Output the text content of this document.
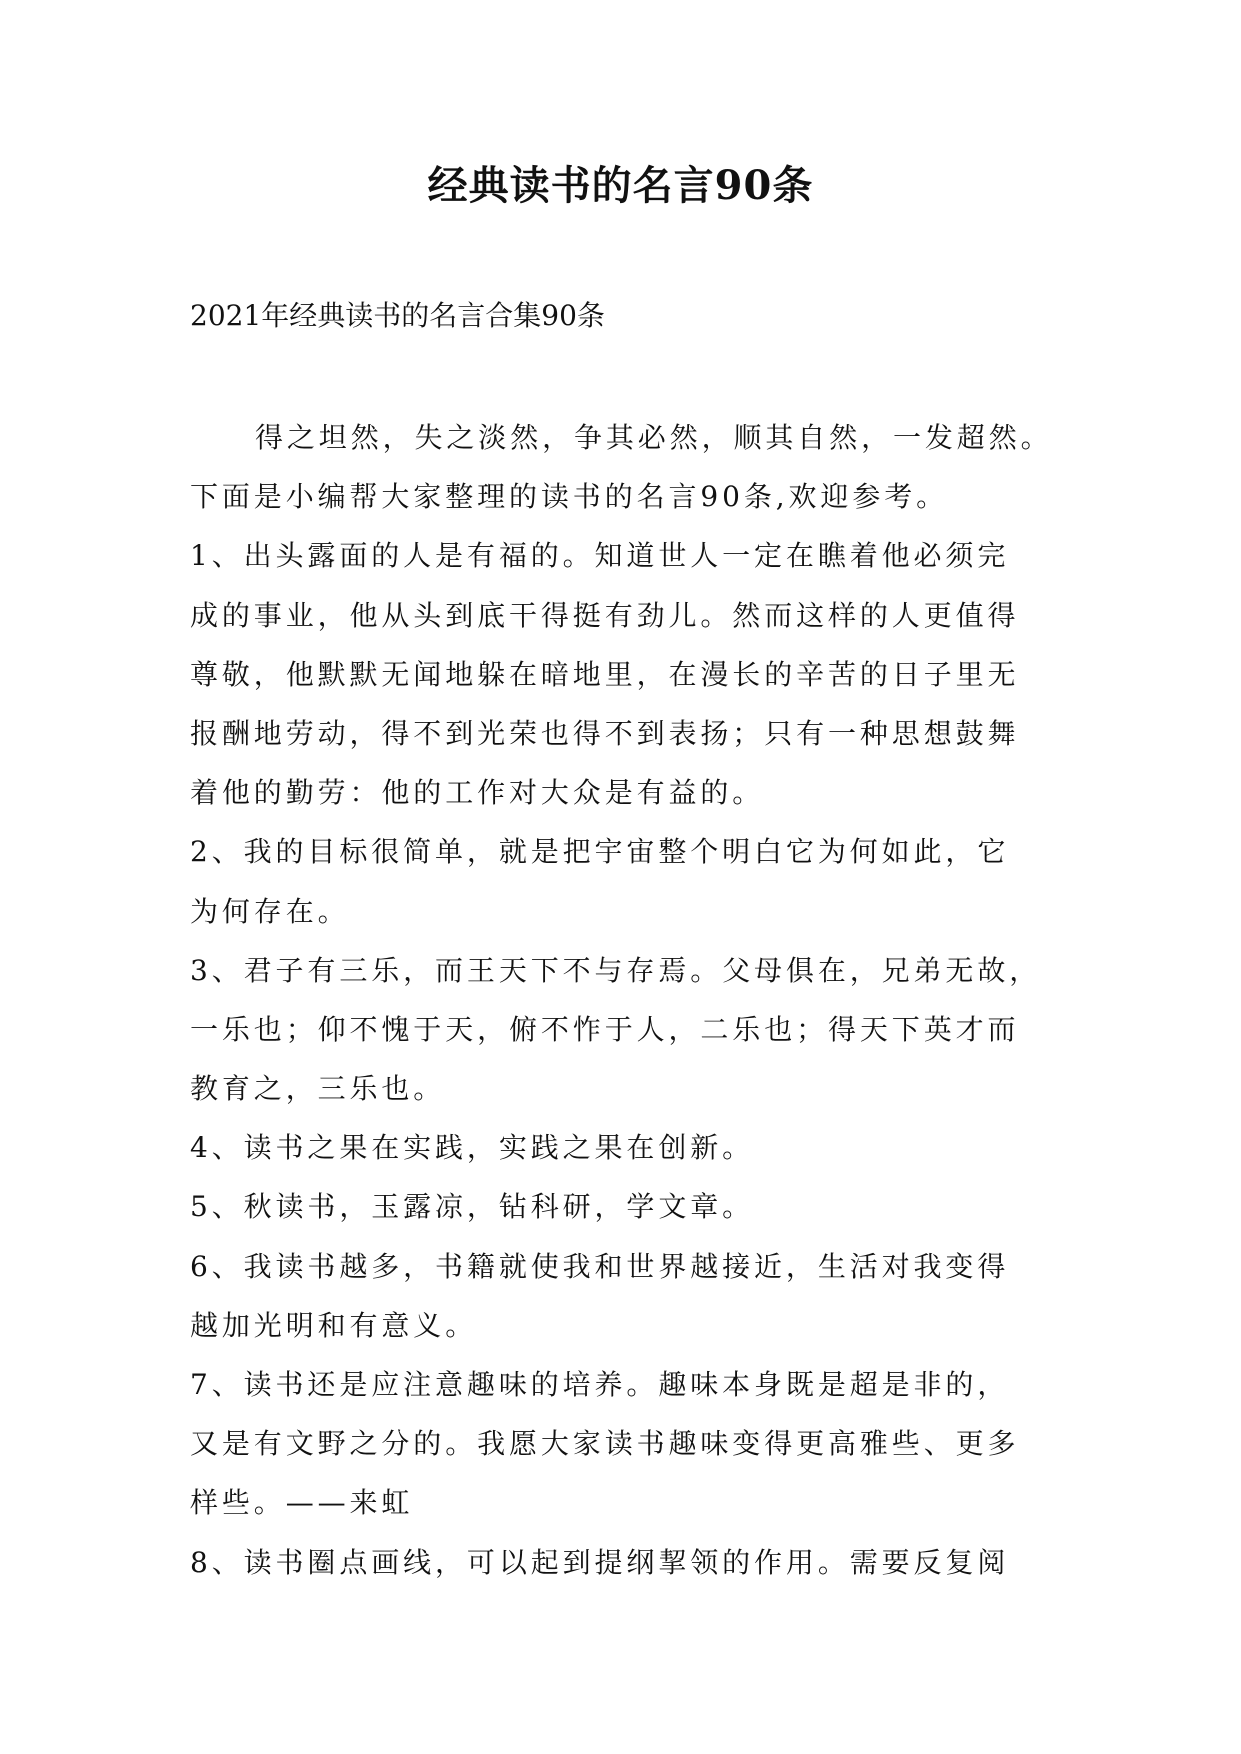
经典读书的名言90条
2021年经典读书的名言合集90条
得之坦然，失之淡然，争其必然，顺其自然，一发超然。
下面是小编帮大家整理的读书的名言90条,欢迎参考。
1、出头露面的人是有福的。知道世人一定在瞧着他必须完
成的事业，他从头到底干得挺有劲儿。然而这样的人更值得
尊敬，他默默无闻地躲在暗地里，在漫长的辛苦的日子里无
报酬地劳动，得不到光荣也得不到表扬；只有一种思想鼓舞
着他的勤劳：他的工作对大众是有益的。
2、我的目标很简单，就是把宇宙整个明白它为何如此，它
为何存在。
3、君子有三乐，而王天下不与存焉。父母俱在，兄弟无故，
一乐也；仰不愧于天，俯不怍于人，二乐也；得天下英才而
教育之，三乐也。
4、读书之果在实践，实践之果在创新。
5、秋读书，玉露凉，钻科研，学文章。
6、我读书越多，书籍就使我和世界越接近，生活对我变得
越加光明和有意义。
7、读书还是应注意趣味的培养。趣味本身既是超是非的，
又是有文野之分的。我愿大家读书趣味变得更高雅些、更多
样些。——来虹
8、读书圈点画线，可以起到提纲挈领的作用。需要反复阅
